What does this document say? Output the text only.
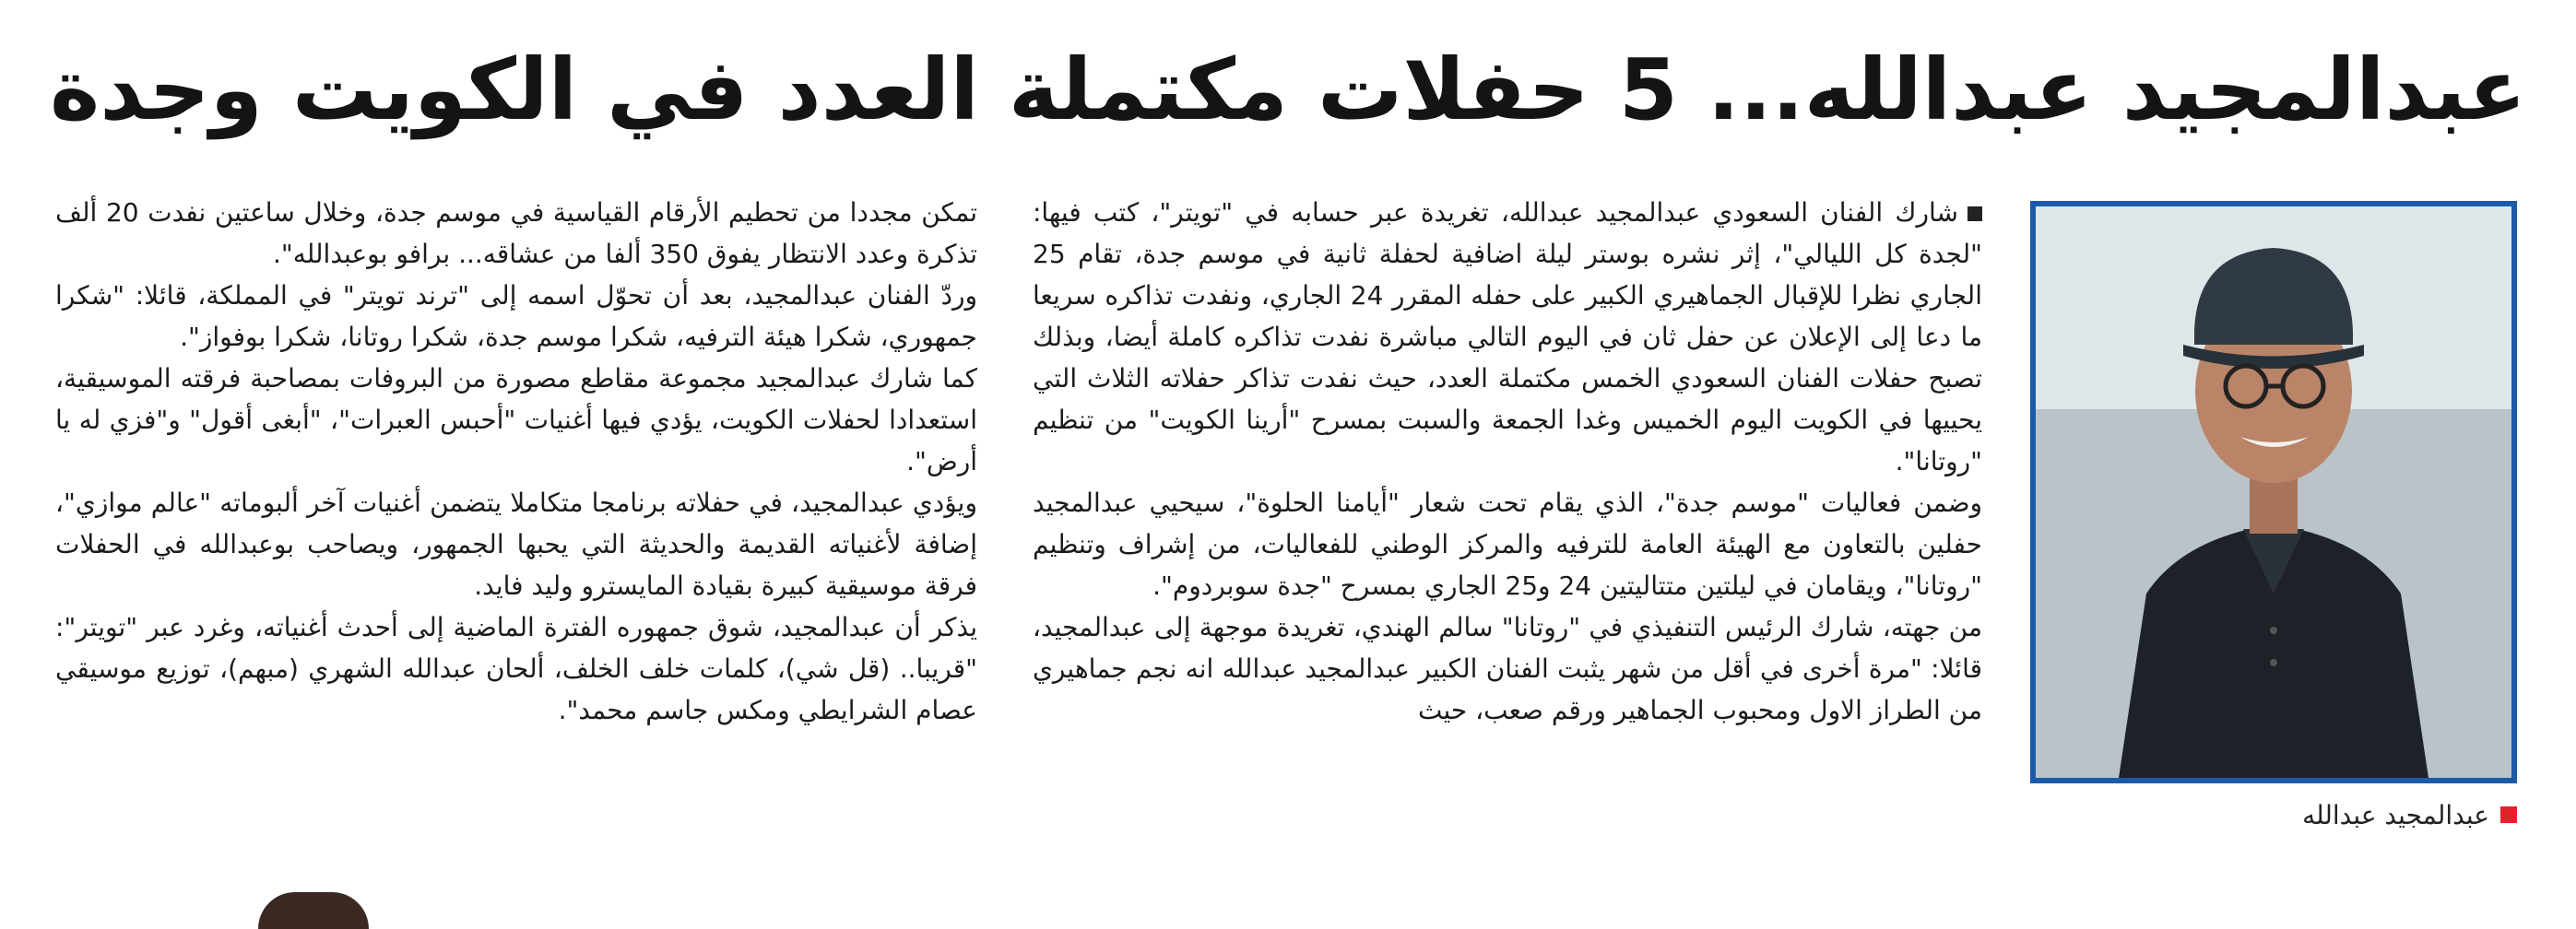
عبدالمجيد عبدالله... 5 حفلات مكتملة العدد في الكويت وجدة
عبدالمجيد عبدالله

شارك الفنان السعودي عبدالمجيد عبدالله، تغريدة عبر حسابه في "تويتر"، كتب فيها: "لجدة كل الليالي"، إثر نشره بوستر ليلة اضافية لحفلة ثانية في موسم جدة، تقام 25 الجاري نظرا للإقبال الجماهيري الكبير على حفله المقرر 24 الجاري، ونفدت تذاكره سريعا ما دعا إلى الإعلان عن حفل ثان في اليوم التالي مباشرة نفدت تذاكره كاملة أيضا، وبذلك تصبح حفلات الفنان السعودي الخمس مكتملة العدد، حيث نفدت تذاكر حفلاته الثلاث التي يحييها في الكويت اليوم الخميس وغدا الجمعة والسبت بمسرح "أرينا الكويت" من تنظيم "روتانا".

وضمن فعاليات "موسم جدة"، الذي يقام تحت شعار "أيامنا الحلوة"، سيحيي عبدالمجيد حفلين بالتعاون مع الهيئة العامة للترفيه والمركز الوطني للفعاليات، من إشراف وتنظيم "روتانا"، ويقامان في ليلتين متتاليتين 24 و25 الجاري بمسرح "جدة سوبردوم".

من جهته، شارك الرئيس التنفيذي في "روتانا" سالم الهندي، تغريدة موجهة إلى عبدالمجيد، قائلا: "مرة أخرى في أقل من شهر يثبت الفنان الكبير عبدالمجيد عبدالله انه نجم جماهيري من الطراز الاول ومحبوب الجماهير ورقم صعب، حيث

تمكن مجددا من تحطيم الأرقام القياسية في موسم جدة، وخلال ساعتين نفدت 20 ألف تذكرة وعدد الانتظار يفوق 350 ألفا من عشاقه... برافو بوعبدالله".

وردّ الفنان عبدالمجيد، بعد أن تحوّل اسمه إلى "ترند تويتر" في المملكة، قائلا: "شكرا جمهوري، شكرا هيئة الترفيه، شكرا موسم جدة، شكرا روتانا، شكرا بوفواز".

كما شارك عبدالمجيد مجموعة مقاطع مصورة من البروفات بمصاحبة فرقته الموسيقية، استعدادا لحفلات الكويت، يؤدي فيها أغنيات "أحبس العبرات"، "أبغى أقول" و"فزي له يا أرض".

ويؤدي عبدالمجيد، في حفلاته برنامجا متكاملا يتضمن أغنيات آخر ألبوماته "عالم موازي"، إضافة لأغنياته القديمة والحديثة التي يحبها الجمهور، ويصاحب بوعبدالله في الحفلات فرقة موسيقية كبيرة بقيادة المايسترو وليد فايد.

يذكر أن عبدالمجيد، شوق جمهوره الفترة الماضية إلى أحدث أغنياته، وغرد عبر "تويتر": "قريبا.. (قل شي)، كلمات خلف الخلف، ألحان عبدالله الشهري (مبهم)، توزيع موسيقي عصام الشرايطي ومكس جاسم محمد".
